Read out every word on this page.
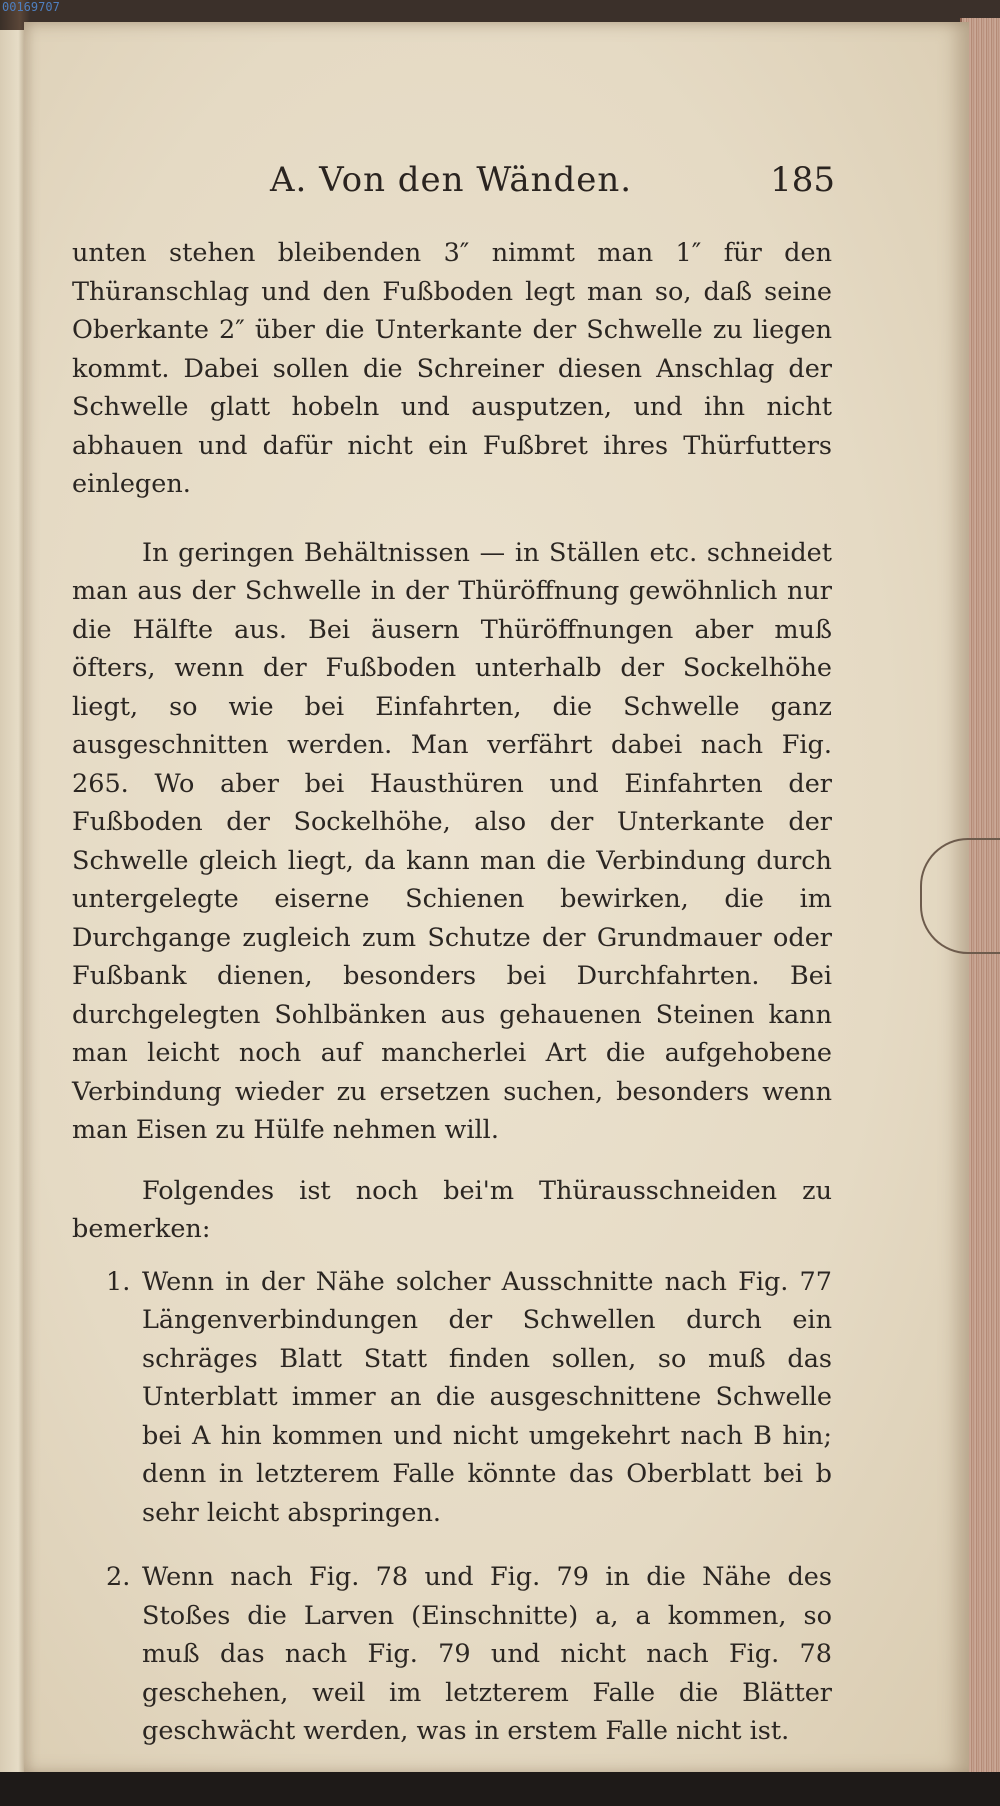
00169707
A. Von den Wänden.	185

unten stehen bleibenden 3″ nimmt man 1″ für den Thüranschlag und den Fußboden legt man so, daß seine Oberkante 2″ über die Unterkante der Schwelle zu liegen kommt. Dabei sollen die Schreiner diesen Anschlag der Schwelle glatt hobeln und ausputzen, und ihn nicht abhauen und dafür nicht ein Fußbret ihres Thürfutters einlegen.

In geringen Behältnissen — in Ställen etc. schneidet man aus der Schwelle in der Thüröffnung gewöhnlich nur die Hälfte aus. Bei äusern Thüröffnungen aber muß öfters, wenn der Fußboden unterhalb der Sockelhöhe liegt, so wie bei Einfahrten, die Schwelle ganz ausgeschnitten werden. Man verfährt dabei nach Fig. 265. Wo aber bei Hausthüren und Einfahrten der Fußboden der Sockelhöhe, also der Unterkante der Schwelle gleich liegt, da kann man die Verbindung durch untergelegte eiserne Schienen bewirken, die im Durchgange zugleich zum Schutze der Grundmauer oder Fußbank dienen, besonders bei Durchfahrten. Bei durchgelegten Sohlbänken aus gehauenen Steinen kann man leicht noch auf mancherlei Art die aufgehobene Verbindung wieder zu ersetzen suchen, besonders wenn man Eisen zu Hülfe nehmen will.

Folgendes ist noch bei'm Thürausschneiden zu bemerken:

1. Wenn in der Nähe solcher Ausschnitte nach Fig. 77 Längenverbindungen der Schwellen durch ein schräges Blatt Statt finden sollen, so muß das Unterblatt immer an die ausgeschnittene Schwelle bei A hin kommen und nicht umgekehrt nach B hin; denn in letzterem Falle könnte das Oberblatt bei b sehr leicht abspringen.
2. Wenn nach Fig. 78 und Fig. 79 in die Nähe des Stoßes die Larven (Einschnitte) a, a kommen, so muß das nach Fig. 79 und nicht nach Fig. 78 geschehen, weil im letzterem Falle die Blätter geschwächt werden, was in erstem Falle nicht ist.
